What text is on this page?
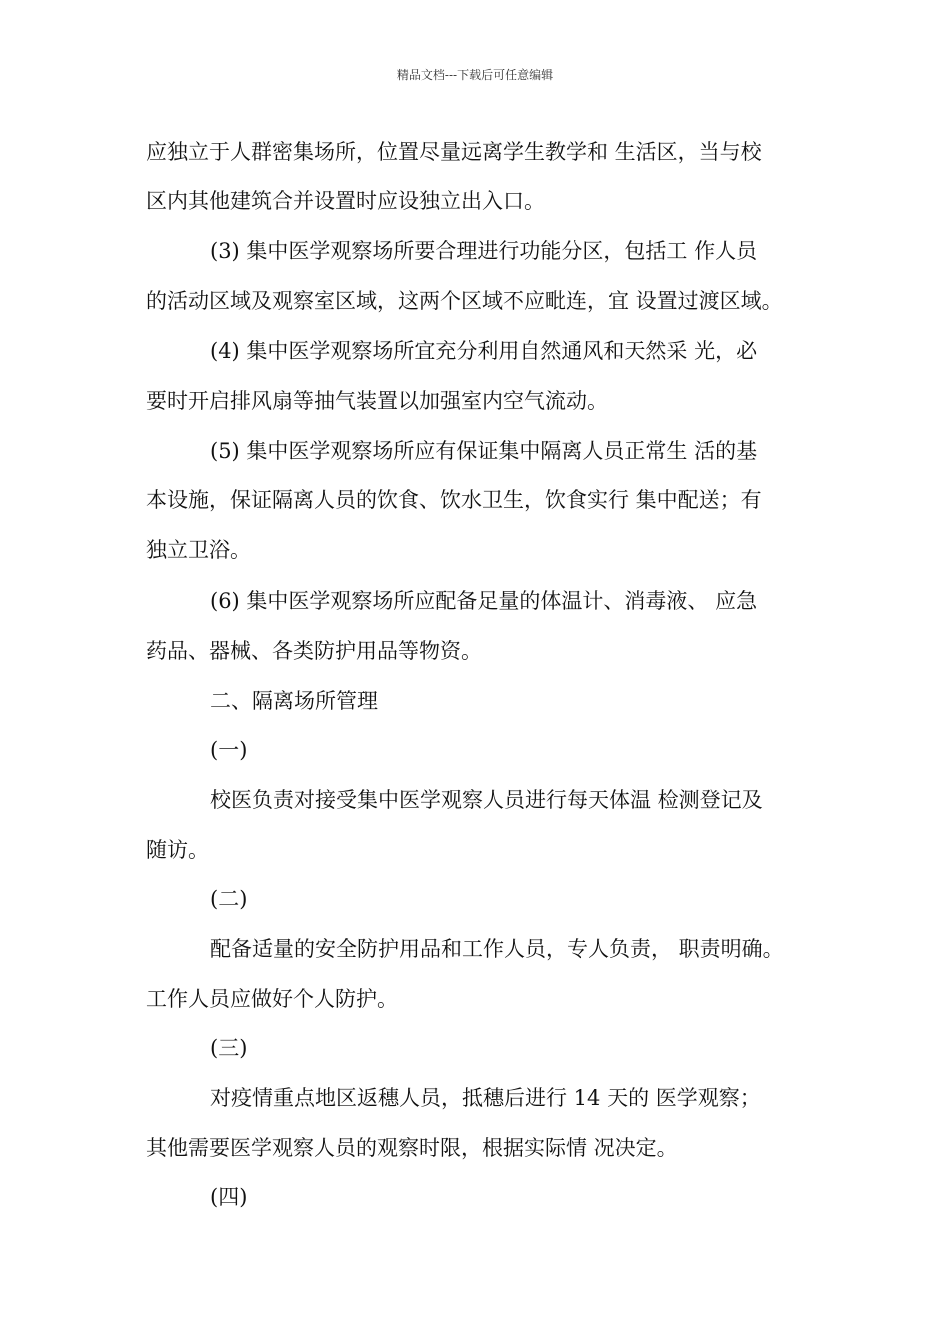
精品文档---下载后可任意编辑
应独立于人群密集场所，位置尽量远离学生教学和 生活区，当与校
区内其他建筑合并设置时应设独立出入口。
(3) 集中医学观察场所要合理进行功能分区，包括工 作人员
的活动区域及观察室区域，这两个区域不应毗连，宜 设置过渡区域。
(4) 集中医学观察场所宜充分利用自然通风和天然采 光，必
要时开启排风扇等抽气装置以加强室内空气流动。
(5) 集中医学观察场所应有保证集中隔离人员正常生 活的基
本设施，保证隔离人员的饮食、饮水卫生，饮食实行 集中配送；有
独立卫浴。
(6) 集中医学观察场所应配备足量的体温计、消毒液、 应急
药品、器械、各类防护用品等物资。
二、隔离场所管理
(一)
校医负责对接受集中医学观察人员进行每天体温 检测登记及
随访。
(二)
配备适量的安全防护用品和工作人员，专人负责， 职责明确。
工作人员应做好个人防护。
(三)
对疫情重点地区返穗人员，抵穗后进行 14 天的 医学观察；
其他需要医学观察人员的观察时限，根据实际情 况决定。
(四)
